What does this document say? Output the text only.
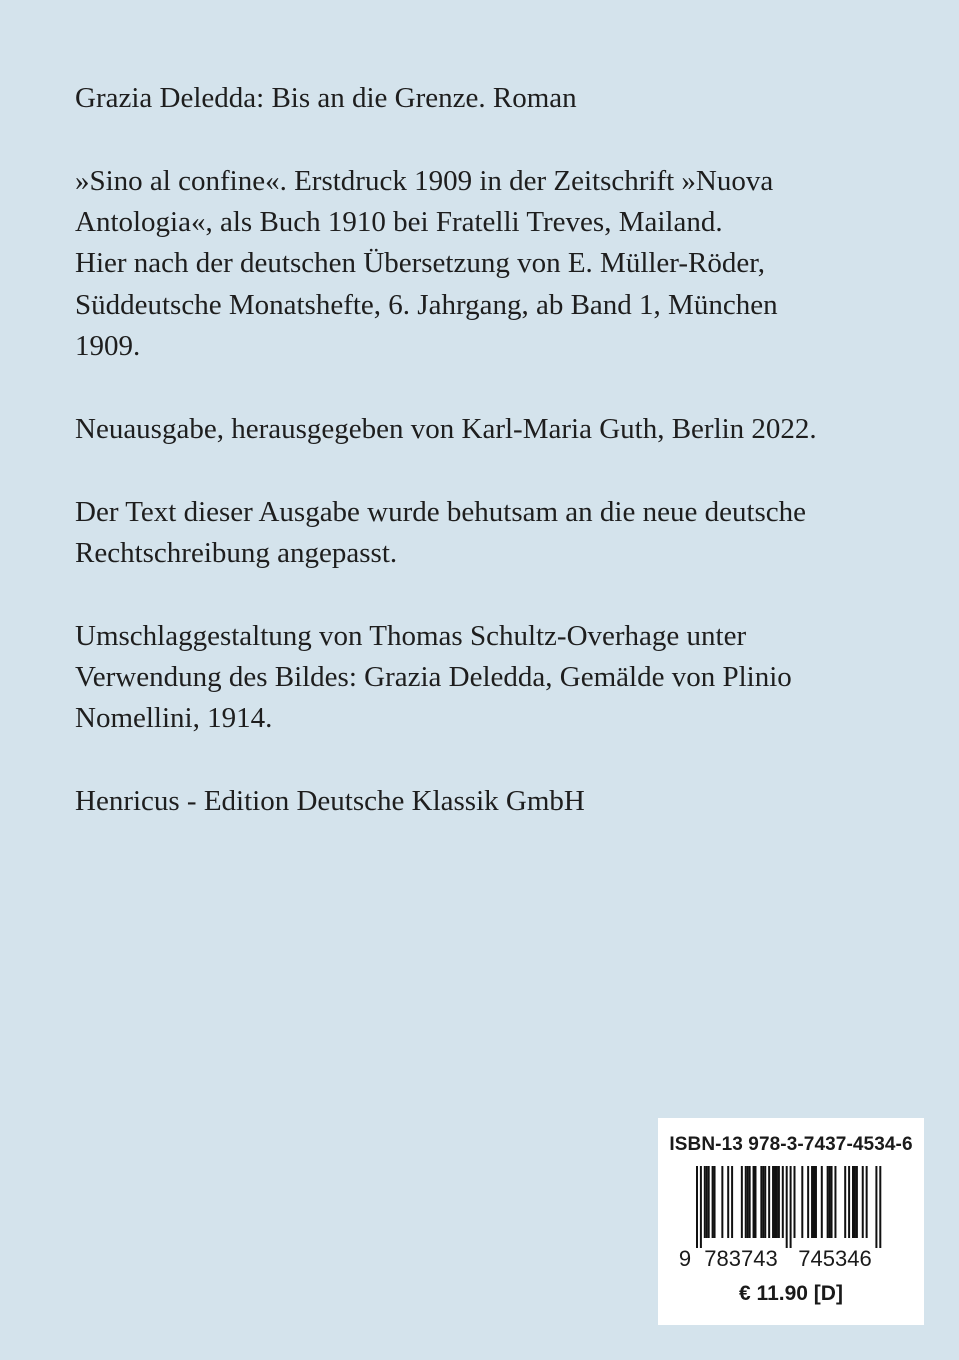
Grazia Deledda: Bis an die Grenze. Roman

»Sino al confine«. Erstdruck 1909 in der Zeitschrift »Nuova
Antologia«, als Buch 1910 bei Fratelli Treves, Mailand.
Hier nach der deutschen Übersetzung von E. Müller-Röder,
Süddeutsche Monatshefte, 6. Jahrgang, ab Band 1, München
1909.

Neuausgabe, herausgegeben von Karl-Maria Guth, Berlin 2022.

Der Text dieser Ausgabe wurde behutsam an die neue deutsche
Rechtschreibung angepasst.

Umschlaggestaltung von Thomas Schultz-Overhage unter
Verwendung des Bildes: Grazia Deledda, Gemälde von Plinio
Nomellini, 1914.

Henricus - Edition Deutsche Klassik GmbH

ISBN-13 978-3-7437-4534-6
9 783743 745346
€ 11.90 [D]
